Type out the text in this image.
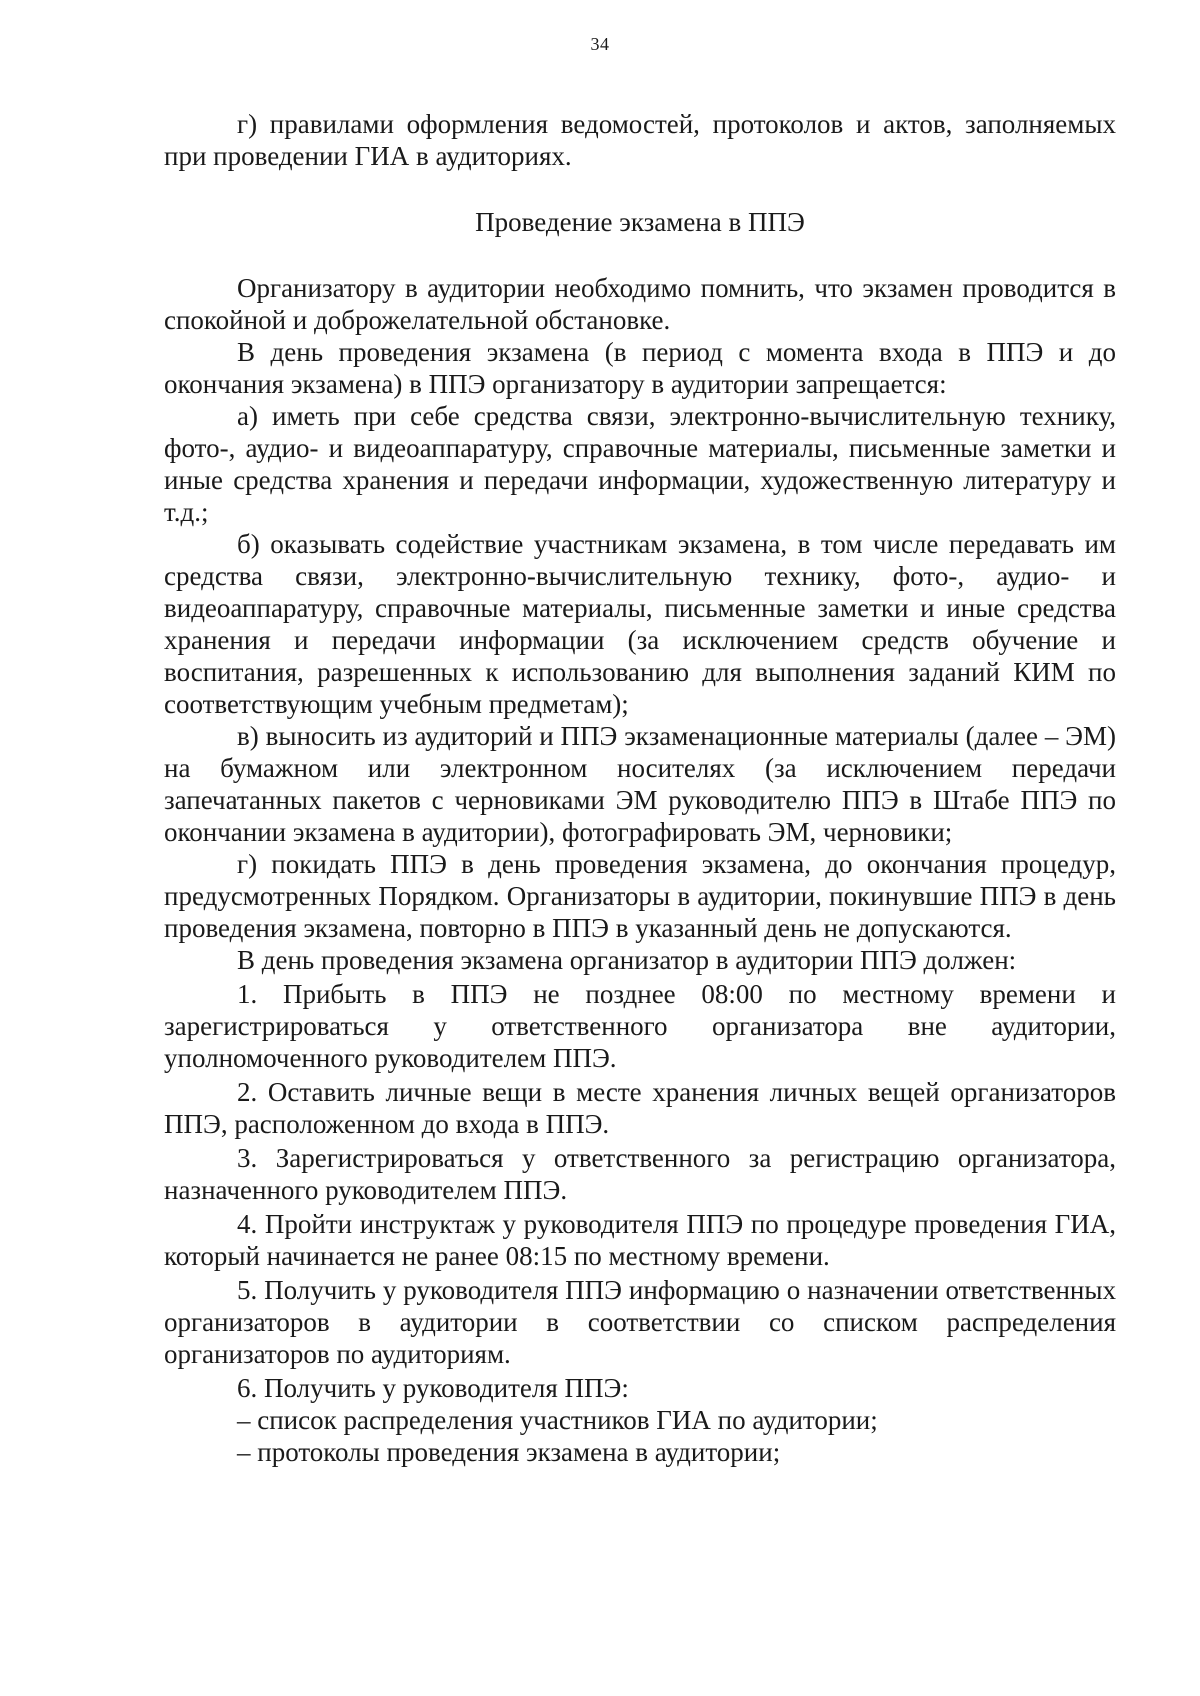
34

г) правилами оформления ведомостей, протоколов и актов, заполняемых при проведении ГИА в аудиториях.

Проведение экзамена в ППЭ

Организатору в аудитории необходимо помнить, что экзамен проводится в спокойной и доброжелательной обстановке.

В день проведения экзамена (в период с момента входа в ППЭ и до окончания экзамена) в ППЭ организатору в аудитории запрещается:

а) иметь при себе средства связи, электронно-вычислительную технику, фото-, аудио- и видеоаппаратуру, справочные материалы, письменные заметки и иные средства хранения и передачи информации, художественную литературу и т.д.;

б) оказывать содействие участникам экзамена, в том числе передавать им средства связи, электронно-вычислительную технику, фото-, аудио- и видеоаппаратуру, справочные материалы, письменные заметки и иные средства хранения и передачи информации (за исключением средств обучение и воспитания, разрешенных к использованию для выполнения заданий КИМ по соответствующим учебным предметам);

в) выносить из аудиторий и ППЭ экзаменационные материалы (далее – ЭМ) на бумажном или электронном носителях (за исключением передачи запечатанных пакетов с черновиками ЭМ руководителю ППЭ в Штабе ППЭ по окончании экзамена в аудитории), фотографировать ЭМ, черновики;

г) покидать ППЭ в день проведения экзамена, до окончания процедур, предусмотренных Порядком. Организаторы в аудитории, покинувшие ППЭ в день проведения экзамена, повторно в ППЭ в указанный день не допускаются.

В день проведения экзамена организатор в аудитории ППЭ должен:

1. Прибыть в ППЭ не позднее 08:00 по местному времени и зарегистрироваться у ответственного организатора вне аудитории, уполномоченного руководителем ППЭ.

2. Оставить личные вещи в месте хранения личных вещей организаторов ППЭ, расположенном до входа в ППЭ.

3. Зарегистрироваться у ответственного за регистрацию организатора, назначенного руководителем ППЭ.

4. Пройти инструктаж у руководителя ППЭ по процедуре проведения ГИА, который начинается не ранее 08:15 по местному времени.

5. Получить у руководителя ППЭ информацию о назначении ответственных организаторов в аудитории в соответствии со списком распределения организаторов по аудиториям.

6. Получить у руководителя ППЭ:

– список распределения участников ГИА по аудитории;

– протоколы проведения экзамена в аудитории;
